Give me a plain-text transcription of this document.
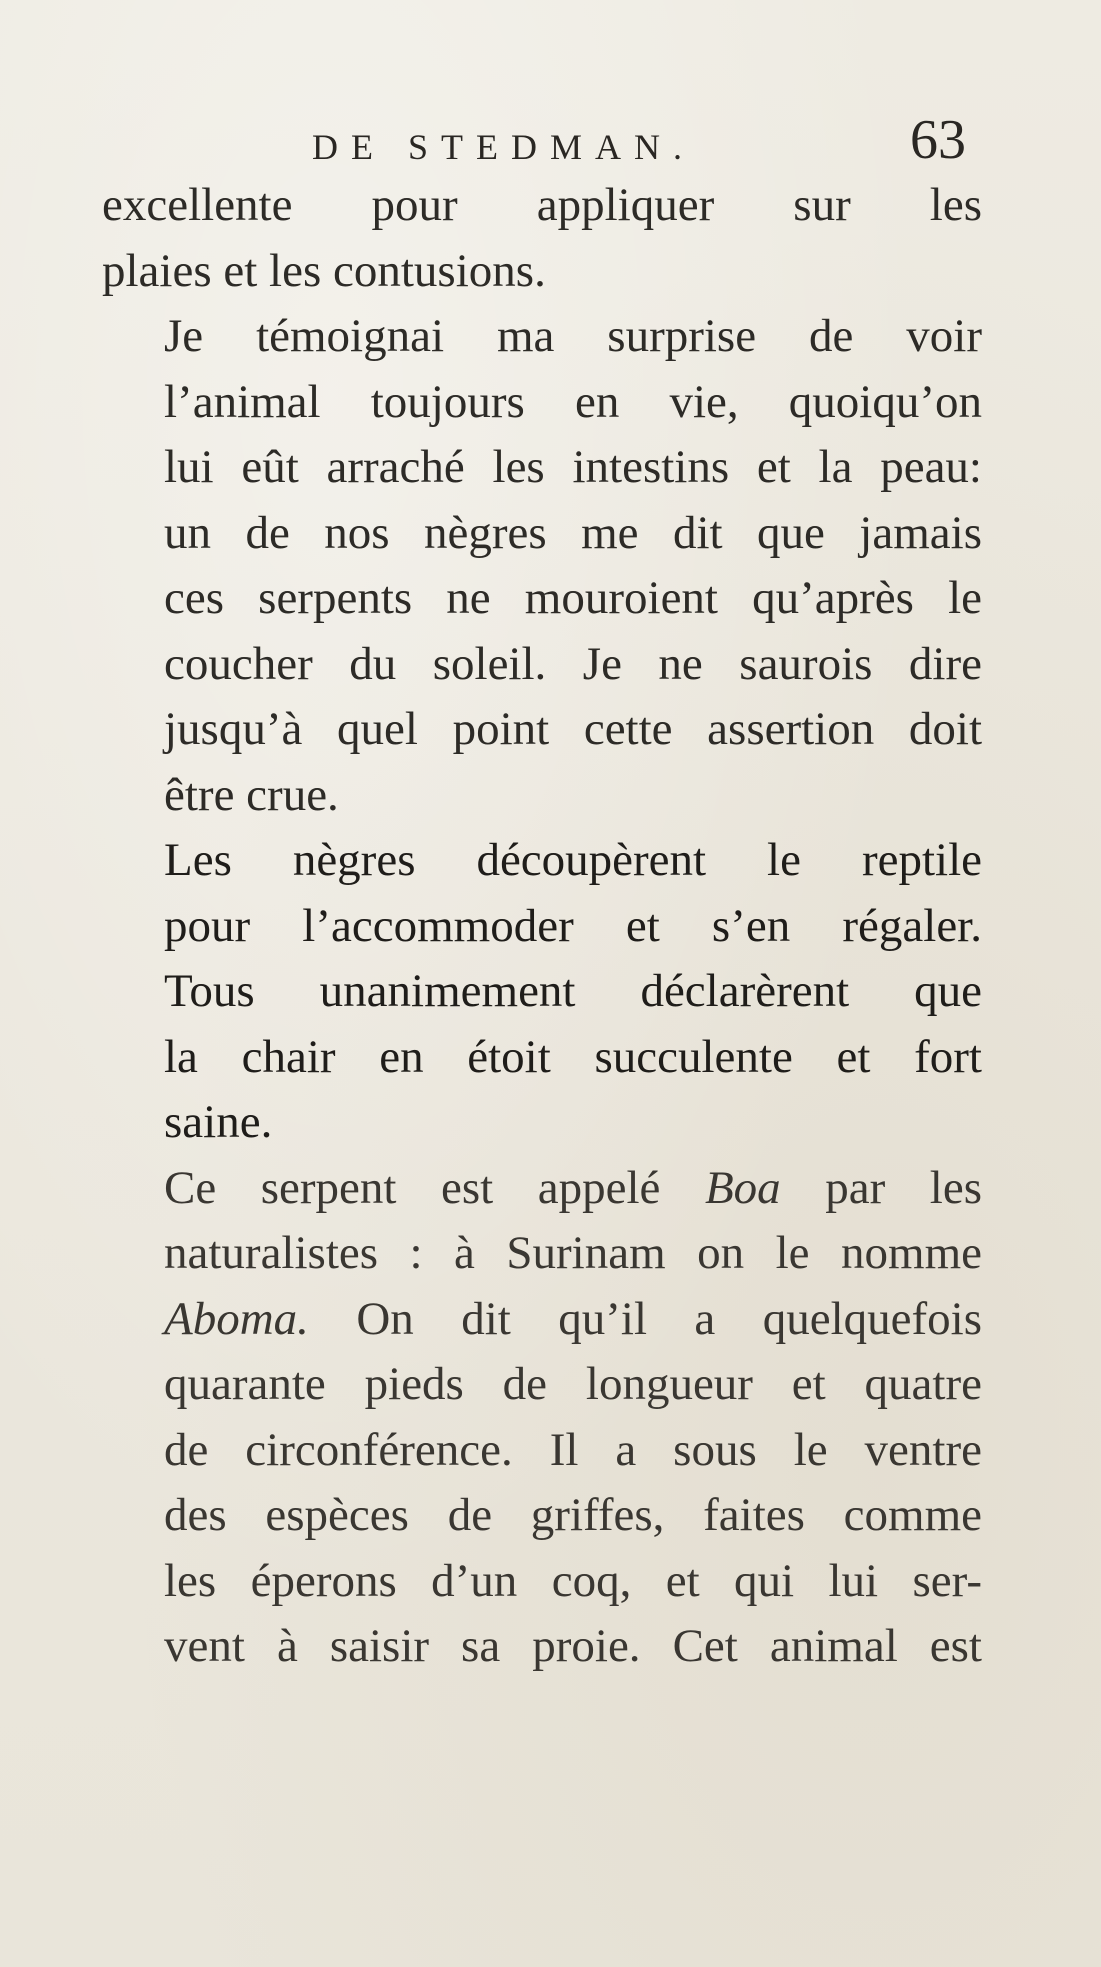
DE STEDMAN.	63

excellente pour appliquer sur les
plaies et les contusions.

Je témoignai ma surprise de voir
l’animal toujours en vie, quoiqu’on
lui eût arraché les intestins et la peau:
un de nos nègres me dit que jamais
ces serpents ne mouroient qu’après le
coucher du soleil. Je ne saurois dire
jusqu’à quel point cette assertion doit
être crue.

Les nègres découpèrent le reptile
pour l’accommoder et s’en régaler.
Tous unanimement déclarèrent que
la chair en étoit succulente et fort
saine.

Ce serpent est appelé Boa par les
naturalistes : à Surinam on le nomme
Aboma. On dit qu’il a quelquefois
quarante pieds de longueur et quatre
de circonférence. Il a sous le ventre
des espèces de griffes, faites comme
les éperons d’un coq, et qui lui ser-
vent à saisir sa proie. Cet animal est
